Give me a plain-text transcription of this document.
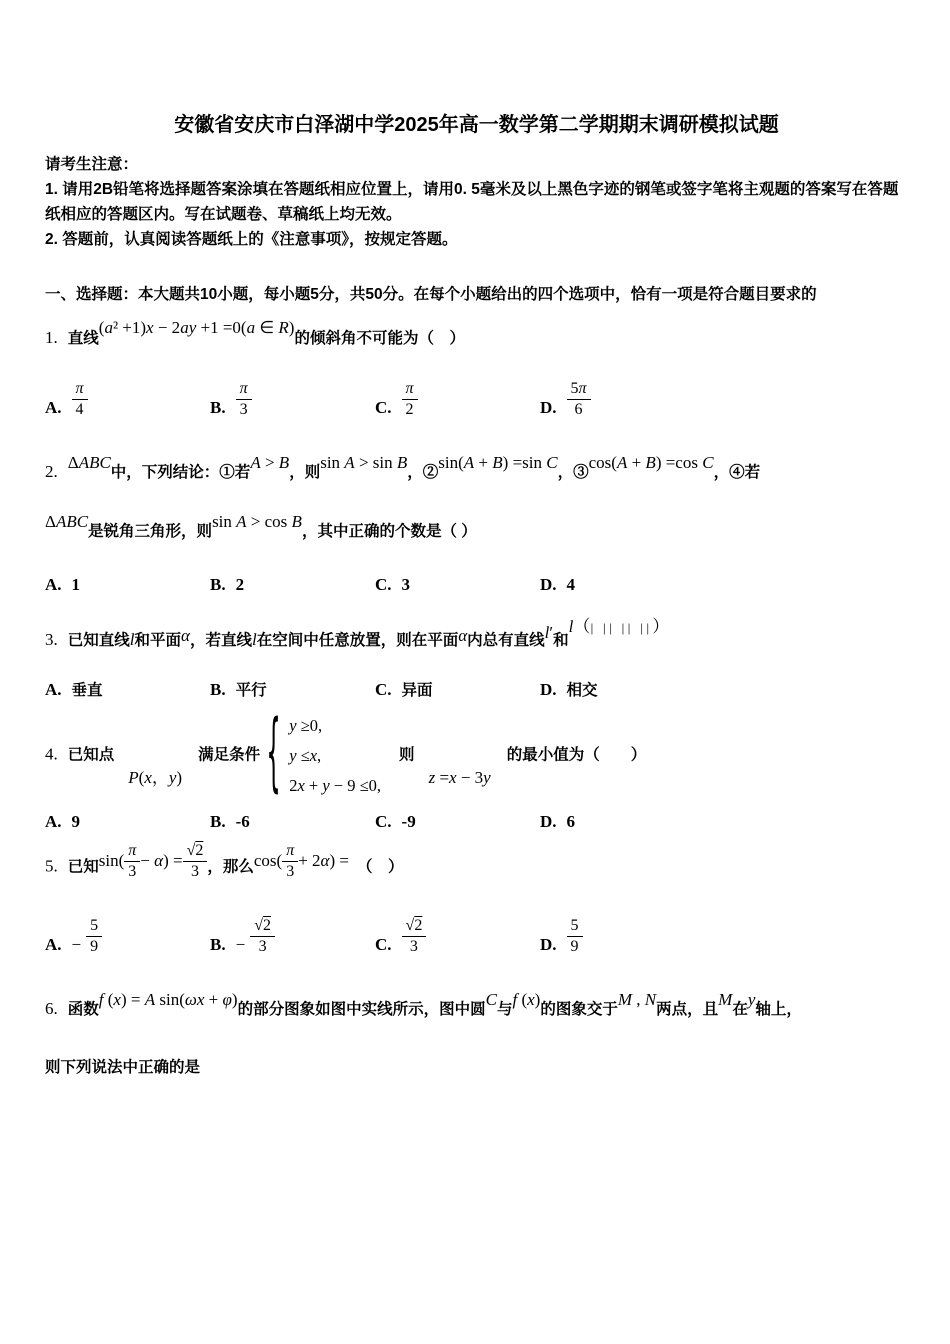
安徽省安庆市白泽湖中学2025年高一数学第二学期期末调研模拟试题
请考生注意：

1. 请用2B铅笔将选择题答案涂填在答题纸相应位置上，请用0. 5毫米及以上黑色字迹的钢笔或签字笔将主观题的答案写在答题纸相应的答题区内。写在试题卷、草稿纸上均无效。

2. 答题前，认真阅读答题纸上的《注意事项》，按规定答题。

一、选择题：本大题共10小题，每小题5分，共50分。在每个小题给出的四个选项中，恰有一项是符合题目要求的
1. 直线(a² +1)x − 2ay +1 =0(a ∈ R)的倾斜角不可能为（　）
A. $\frac{\pi}{4}$	B. $\frac{\pi}{3}$	C. $\frac{\pi}{2}$	D. $\frac{5\pi}{6}$
2. ΔABC中，下列结论：①若A > B，则sin A > sin B，②sin(A + B) =sin C，③cos(A + B) =cos C，④若
ΔABC是锐角三角形，则sin A > cos B，其中正确的个数是（ ）
A. 1	B. 2	C. 3	D. 4
3. 已知直线l和平面α，若直线l在空间中任意放置，则在平面α内总有直线l′和l（| || || ||）
A. 垂直	B. 平行	C. 异面	D. 相交
4. 已知点P(x，y)满足条件 { y ≥0,
y ≤x,
2x + y − 9 ≤0,
则z =x − 3y的最小值为（　　）
A. 9	B. -6	C. -9	D. 6
5. 已知$\sin( \frac{\pi}{3} - \alpha) = \frac{√2}{3}$ ，那么$\cos( \frac{\pi}{3} + 2\alpha)$ = （　）
A. − $\frac{5}{9}$	B. − $\frac{√2}{3}$	C. $\frac{√2}{3}$	D. $\frac{5}{9}$
6. 函数f (x) = A sin(ωx + φ)的部分图象如图中实线所示，图中圆C与f (x)的图象交于M , N两点，且M在y轴上，
则下列说法中正确的是
